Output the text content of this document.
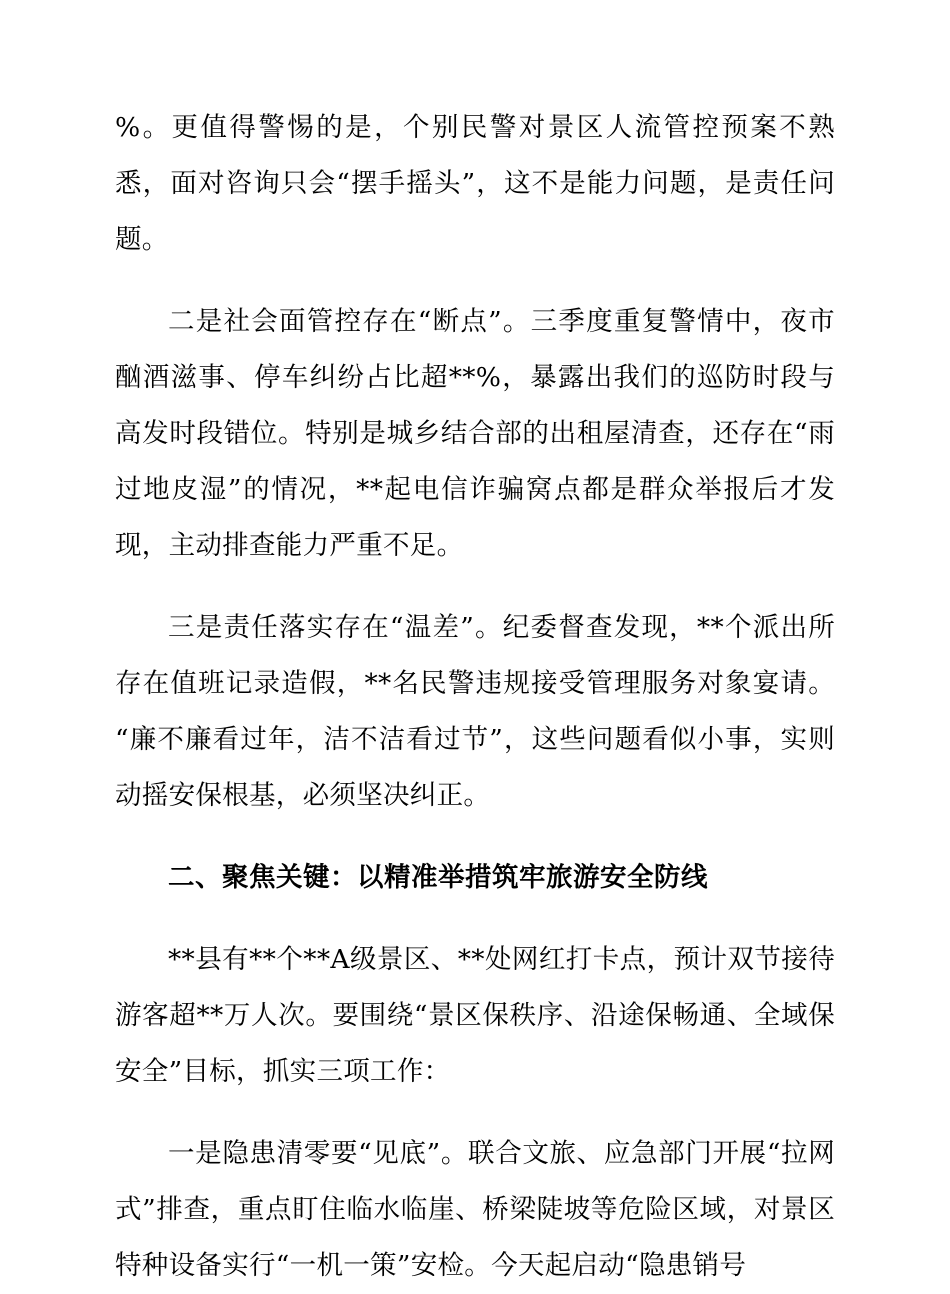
%。更值得警惕的是，个别民警对景区人流管控预案不熟悉，面对咨询只会“摆手摇头”，这不是能力问题，是责任问题。

二是社会面管控存在“断点”。三季度重复警情中，夜市酗酒滋事、停车纠纷占比超**%，暴露出我们的巡防时段与高发时段错位。特别是城乡结合部的出租屋清查，还存在“雨过地皮湿”的情况，**起电信诈骗窝点都是群众举报后才发现，主动排查能力严重不足。

三是责任落实存在“温差”。纪委督查发现，**个派出所存在值班记录造假，**名民警违规接受管理服务对象宴请。“廉不廉看过年，洁不洁看过节”，这些问题看似小事，实则动摇安保根基，必须坚决纠正。

二、聚焦关键：以精准举措筑牢旅游安全防线

**县有**个**A级景区、**处网红打卡点，预计双节接待游客超**万人次。要围绕“景区保秩序、沿途保畅通、全域保安全”目标，抓实三项工作：

一是隐患清零要“见底”。联合文旅、应急部门开展“拉网式”排查，重点盯住临水临崖、桥梁陡坡等危险区域，对景区特种设备实行“一机一策”安检。今天起启动“隐患销号
